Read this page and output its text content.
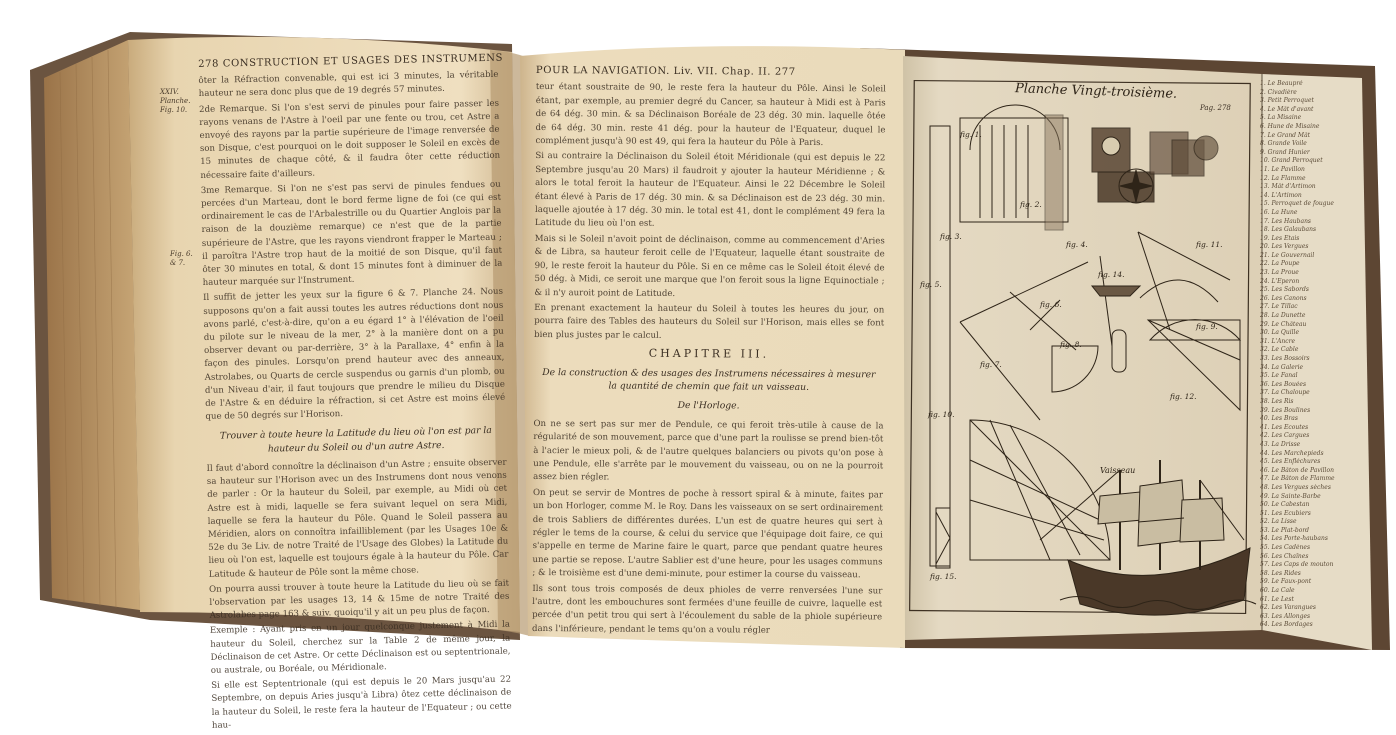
278 CONSTRUCTION ET USAGES DES INSTRUMENS

ôter la Réfraction convenable, qui est ici 3 minutes, la véritable hauteur ne sera donc plus que de 19 degrés 57 minutes.

2de Remarque. Si l'on s'est servi de pinules pour faire passer les rayons venans de l'Astre à l'oeil par une fente ou trou, cet Astre a envoyé des rayons par la partie supérieure de l'image renversée de son Disque, c'est pourquoi on le doit supposer le Soleil en excès de 15 minutes de chaque côté, & il faudra ôter cette réduction nécessaire faite d'ailleurs.

3me Remarque. Si l'on ne s'est pas servi de pinules fendues ou percées d'un Marteau, dont le bord ferme ligne de foi (ce qui est ordinairement le cas de l'Arbalestrille ou du Quartier Anglois par la raison de la douzième remarque) ce n'est que de la partie supérieure de l'Astre, que les rayons viendront frapper le Marteau ; il paroîtra l'Astre trop haut de la moitié de son Disque, qu'il faut ôter 30 minutes en total, & dont 15 minutes font à diminuer de la hauteur marquée sur l'Instrument.

Il suffit de jetter les yeux sur la figure 6 & 7. Planche 24. Nous supposons qu'on a fait aussi toutes les autres réductions dont nous avons parlé, c'est-à-dire, qu'on a eu égard 1° à l'élévation de l'oeil du pilote sur le niveau de la mer, 2° à la manière dont on a pu observer devant ou par-derrière, 3° à la Parallaxe, 4° enfin à la façon des pinules. Lorsqu'on prend hauteur avec des anneaux, Astrolabes, ou Quarts de cercle suspendus ou garnis d'un plomb, ou d'un Niveau d'air, il faut toujours que prendre le milieu du Disque de l'Astre & en déduire la réfraction, si cet Astre est moins élevé que de 50 degrés sur l'Horison.

Trouver à toute heure la Latitude du lieu où l'on est par la hauteur du Soleil ou d'un autre Astre.

Il faut d'abord connoître la déclinaison d'un Astre ; ensuite observer sa hauteur sur l'Horison avec un des Instrumens dont nous venons de parler : Or la hauteur du Soleil, par exemple, au Midi où cet Astre est à midi, laquelle se fera suivant lequel on sera Midi, laquelle se fera la hauteur du Pôle. Quand le Soleil passera au Méridien, alors on connoîtra infailliblement (par les Usages 10e & 52e du 3e Liv. de notre Traité de l'Usage des Globes) la Latitude du lieu où l'on est, laquelle est toujours égale à la hauteur du Pôle. Car Latitude & hauteur de Pôle sont la même chose.

On pourra aussi trouver à toute heure la Latitude du lieu où se fait l'observation par les usages 13, 14 & 15me de notre Traité des Astrolabes page 163 & suiv. quoiqu'il y ait un peu plus de façon.

Exemple : Ayant pris en un jour quelconque justement à Midi la hauteur du Soleil, cherchez sur la Table 2 de même jour, la Déclinaison de cet Astre. Or cette Déclinaison est ou septentrionale, ou australe, ou Boréale, ou Méridionale.

Si elle est Septentrionale (qui est depuis le 20 Mars jusqu'au 22 Septembre, on depuis Aries jusqu'à Libra) ôtez cette déclinaison de la hauteur du Soleil, le reste fera la hauteur de l'Equateur ; ou cette hau-

XXIV. Planche. Fig. 10.
Fig. 6. & 7.
POUR LA NAVIGATION. Liv. VII. Chap. II. 277

teur étant soustraite de 90, le reste fera la hauteur du Pôle. Ainsi le Soleil étant, par exemple, au premier degré du Cancer, sa hauteur à Midi est à Paris de 64 dég. 30 min. & sa Déclinaison Boréale de 23 dég. 30 min. laquelle ôtée de 64 dég. 30 min. reste 41 dég. pour la hauteur de l'Equateur, duquel le complément jusqu'à 90 est 49, qui fera la hauteur du Pôle à Paris.

Si au contraire la Déclinaison du Soleil étoit Méridionale (qui est depuis le 22 Septembre jusqu'au 20 Mars) il faudroit y ajouter la hauteur Méridienne ; & alors le total feroit la hauteur de l'Equateur. Ainsi le 22 Décembre le Soleil étant élevé à Paris de 17 dég. 30 min. & sa Déclinaison est de 23 dég. 30 min. laquelle ajoutée à 17 dég. 30 min. le total est 41, dont le complément 49 fera la Latitude du lieu où l'on est.

Mais si le Soleil n'avoit point de déclinaison, comme au commencement d'Aries & de Libra, sa hauteur feroit celle de l'Equateur, laquelle étant soustraite de 90, le reste feroit la hauteur du Pôle. Si en ce même cas le Soleil étoit élevé de 50 dég. à Midi, ce seroit une marque que l'on feroit sous la ligne Equinoctiale ; & il n'y auroit point de Latitude.

En prenant exactement la hauteur du Soleil à toutes les heures du jour, on pourra faire des Tables des hauteurs du Soleil sur l'Horison, mais elles se font bien plus justes par le calcul.

CHAPITRE III.
De la construction & des usages des Instrumens nécessaires à mesurer la quantité de chemin que fait un vaisseau.
De l'Horloge.

On ne se sert pas sur mer de Pendule, ce qui feroit très-utile à cause de la régularité de son mouvement, parce que d'une part la roulisse se prend bien-tôt à l'acier le mieux poli, & de l'autre quelques balanciers ou pivots qu'on pose à une Pendule, elle s'arrête par le mouvement du vaisseau, ou on ne la pourroit assez bien régler.

On peut se servir de Montres de poche à ressort spiral & à minute, faites par un bon Horloger, comme M. le Roy. Dans les vaisseaux on se sert ordinairement de trois Sabliers de différentes durées. L'un est de quatre heures qui sert à régler le tems de la course, & celui du service que l'équipage doit faire, ce qui s'appelle en terme de Marine faire le quart, parce que pendant quatre heures une partie se repose. L'autre Sablier est d'une heure, pour les usages communs ; & le troisième est d'une demi-minute, pour estimer la course du vaisseau.

Ils sont tous trois composés de deux phioles de verre renversées l'une sur l'autre, dont les embouchures sont fermées d'une feuille de cuivre, laquelle est percée d'un petit trou qui sert à l'écoulement du sable de la phiole supérieure dans l'inférieure, pendant le tems qu'on a voulu régler

Planche Vingt-troisième.
Pag. 278
fig. 1.
fig. 2.
fig. 3.
fig. 4.
fig. 5.
fig. 6.
fig. 7.
fig. 8.
fig. 9.
fig. 10.
fig. 11.
fig. 12.
fig. 14.
fig. 15.
Vaisseau
1. Le Beaupré
2. Civadière
3. Petit Perroquet
4. Le Mât d'avant
5. La Misaine
6. Hune de Misaine
7. Le Grand Mât
8. Grande Voile
9. Grand Hunier
10. Grand Perroquet
11. Le Pavillon
12. La Flamme
13. Mât d'Artimon
14. L'Artimon
15. Perroquet de fougue
16. La Hune
17. Les Haubans
18. Les Galaubans
19. Les Etais
20. Les Vergues
21. Le Gouvernail
22. La Poupe
23. La Proue
24. L'Eperon
25. Les Sabords
26. Les Canons
27. Le Tillac
28. La Dunette
29. Le Château
30. La Quille
31. L'Ancre
32. Le Cable
33. Les Bossoirs
34. La Galerie
35. Le Fanal
36. Les Bouées
37. La Chaloupe
38. Les Ris
39. Les Boulines
40. Les Bras
41. Les Écoutes
42. Les Cargues
43. La Drisse
44. Les Marchepieds
45. Les Enfléchures
46. Le Bâton de Pavillon
47. Le Bâton de Flamme
48. Les Vergues sèches
49. La Sainte-Barbe
50. Le Cabestan
51. Les Ecubiers
52. La Lisse
53. Le Plat-bord
54. Les Porte-haubans
55. Les Cadènes
56. Les Chaînes
57. Les Caps de mouton
58. Les Rides
59. Le Faux-pont
60. La Cale
61. Le Lest
62. Les Varangues
63. Les Allonges
64. Les Bordages
